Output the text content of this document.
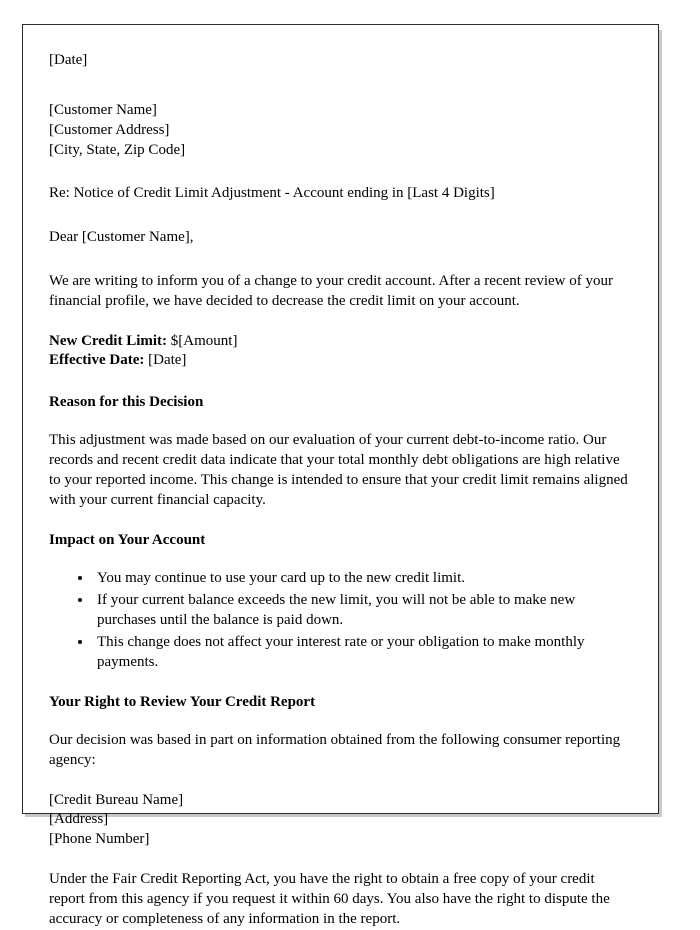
[Date]

[Customer Name]

[Customer Address]

[City, State, Zip Code]

Re: Notice of Credit Limit Adjustment - Account ending in [Last 4 Digits]

Dear [Customer Name],

We are writing to inform you of a change to your credit account. After a recent review of your financial profile, we have decided to decrease the credit limit on your account.

New Credit Limit: $[Amount]

Effective Date: [Date]

Reason for this Decision

This adjustment was made based on our evaluation of your current debt-to-income ratio. Our records and recent credit data indicate that your total monthly debt obligations are high relative to your reported income. This change is intended to ensure that your credit limit remains aligned with your current financial capacity.

Impact on Your Account

• You may continue to use your card up to the new credit limit.
• If your current balance exceeds the new limit, you will not be able to make new purchases until the balance is paid down.
• This change does not affect your interest rate or your obligation to make monthly payments.

Your Right to Review Your Credit Report

Our decision was based in part on information obtained from the following consumer reporting agency:

[Credit Bureau Name]

[Address]

[Phone Number]

Under the Fair Credit Reporting Act, you have the right to obtain a free copy of your credit report from this agency if you request it within 60 days. You also have the right to dispute the accuracy or completeness of any information in the report.
